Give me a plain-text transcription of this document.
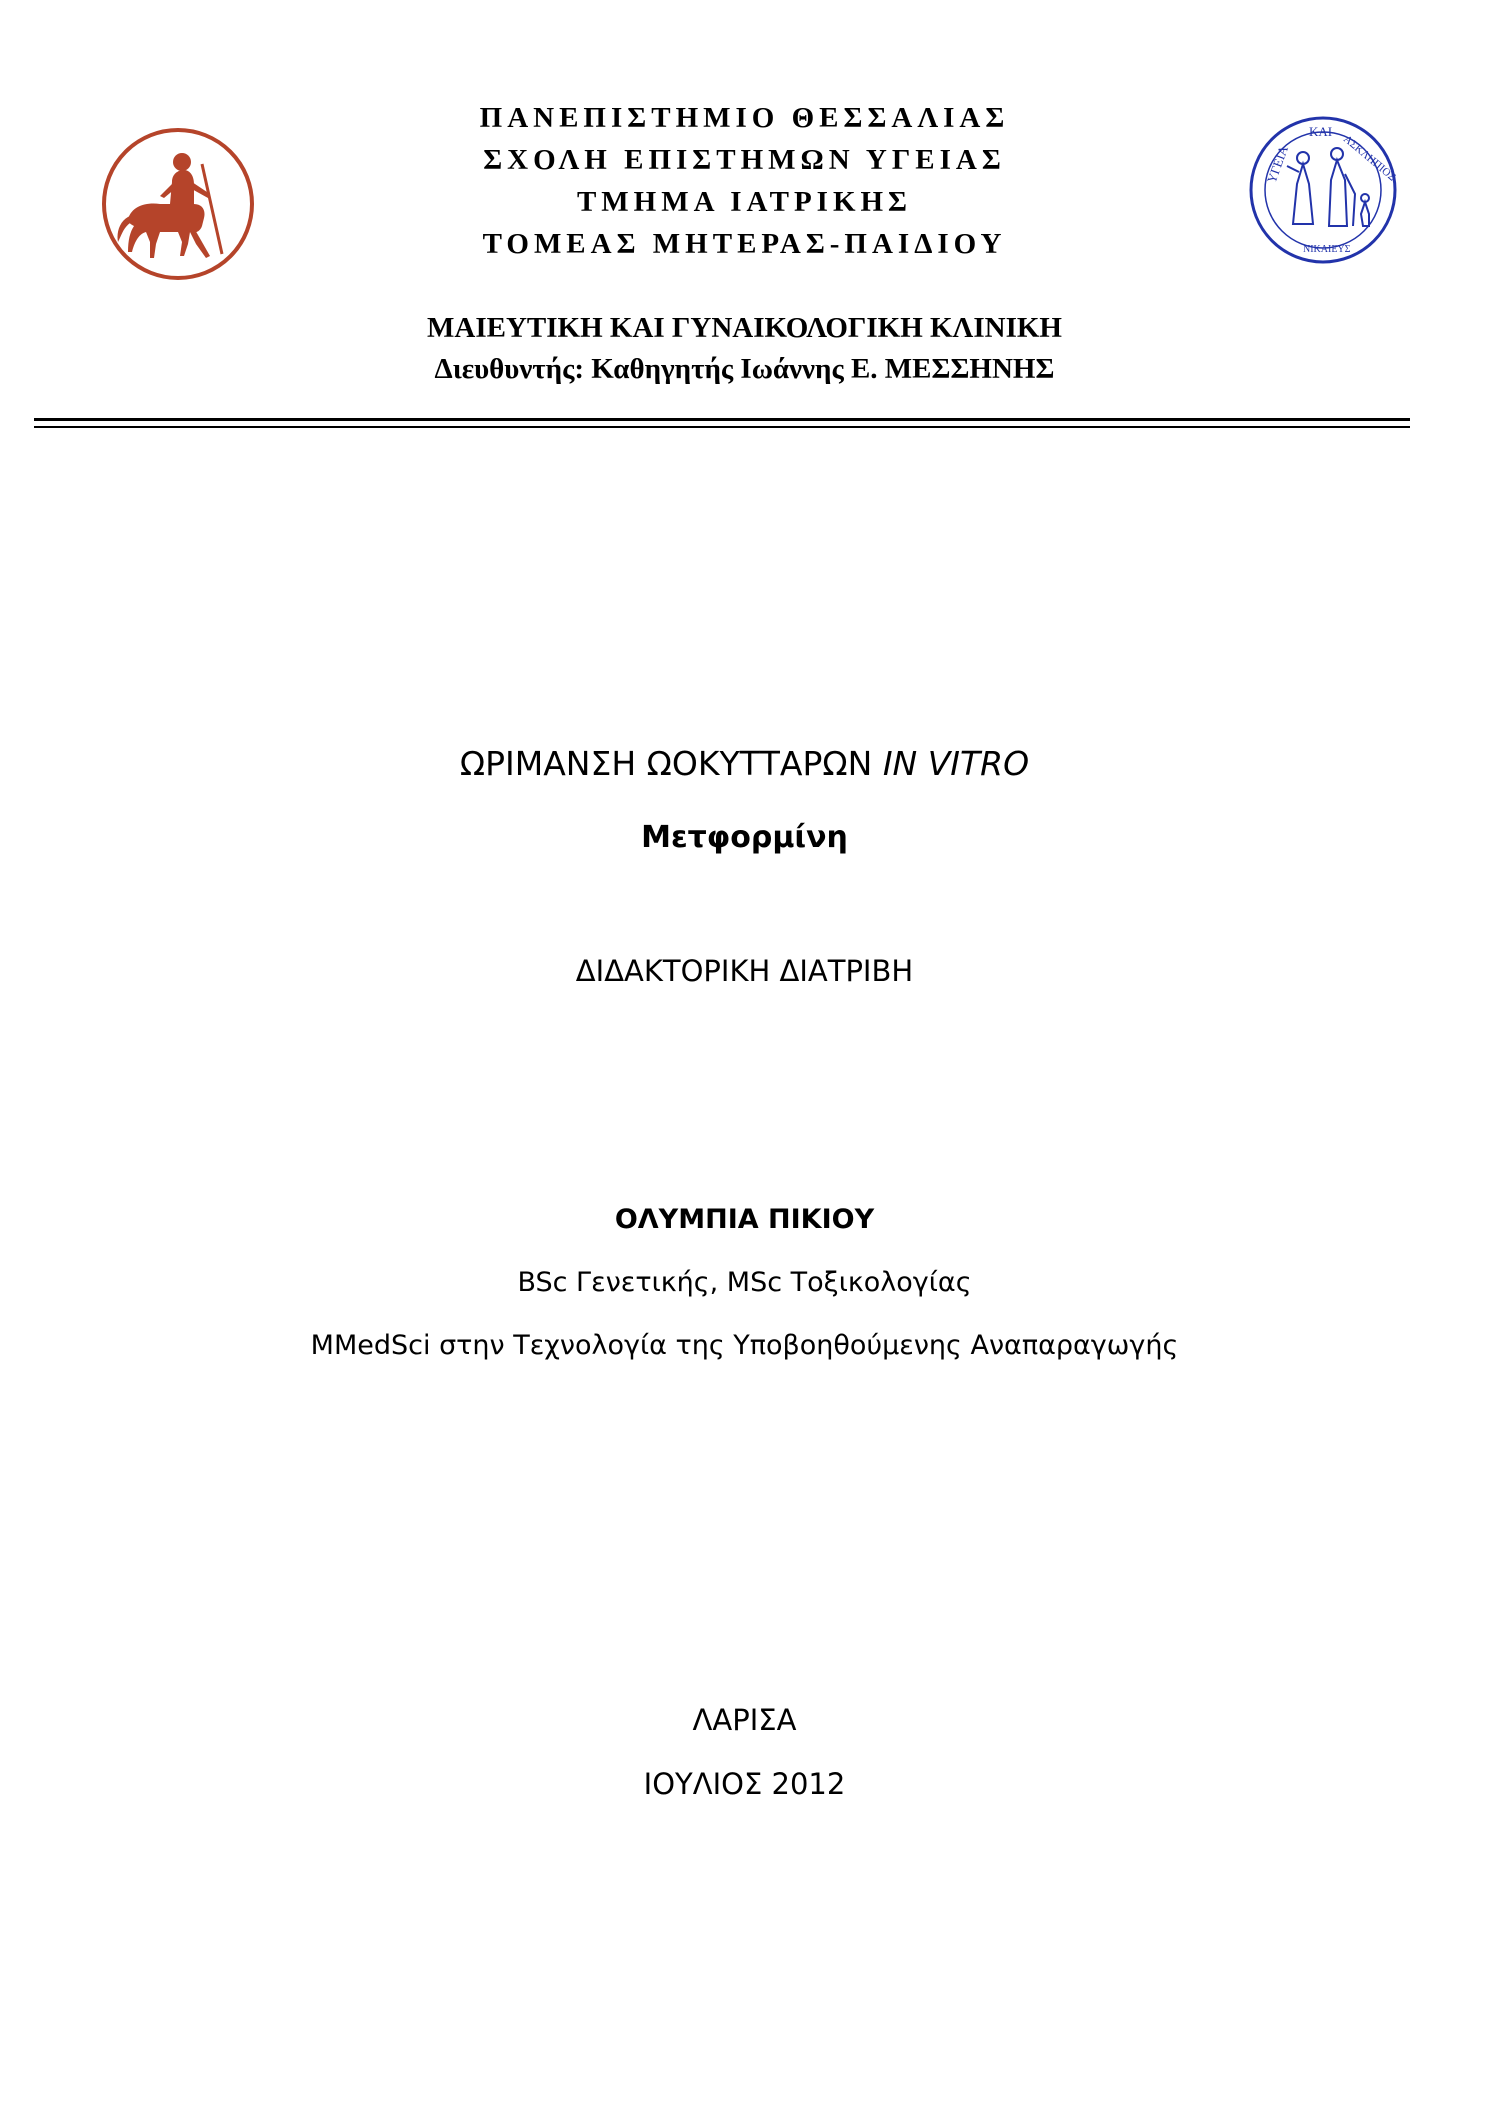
ΥΓΕΙΑ
ΚΑΙ
ΑΣΚΛΗΠΙΟΣ
ΝΙΚΑΙΕΥΣ
ΠΑΝΕΠΙΣΤΗΜΙΟ ΘΕΣΣΑΛΙΑΣ
ΣΧΟΛΗ ΕΠΙΣΤΗΜΩΝ ΥΓΕΙΑΣ
ΤΜΗΜΑ ΙΑΤΡΙΚΗΣ
ΤΟΜΕΑΣ ΜΗΤΕΡΑΣ-ΠΑΙΔΙΟΥ
ΜΑΙΕΥΤΙΚΗ ΚΑΙ ΓΥΝΑΙΚΟΛΟΓΙΚΗ ΚΛΙΝΙΚΗ
Διευθυντής: Καθηγητής Ιωάννης Ε. ΜΕΣΣΗΝΗΣ
ΩΡΙΜΑΝΣΗ ΩΟΚΥΤΤΑΡΩΝ IN VITRO
Μετφορμίνη
ΔΙΔΑΚΤΟΡΙΚΗ ΔΙΑΤΡΙΒΗ
ΟΛΥΜΠΙΑ ΠΙΚΙΟΥ
BSc Γενετικής, MSc Τοξικολογίας
MMedSci στην Τεχνολογία της Υποβοηθούμενης Αναπαραγωγής
ΛΑΡΙΣΑ
ΙΟΥΛΙΟΣ 2012
